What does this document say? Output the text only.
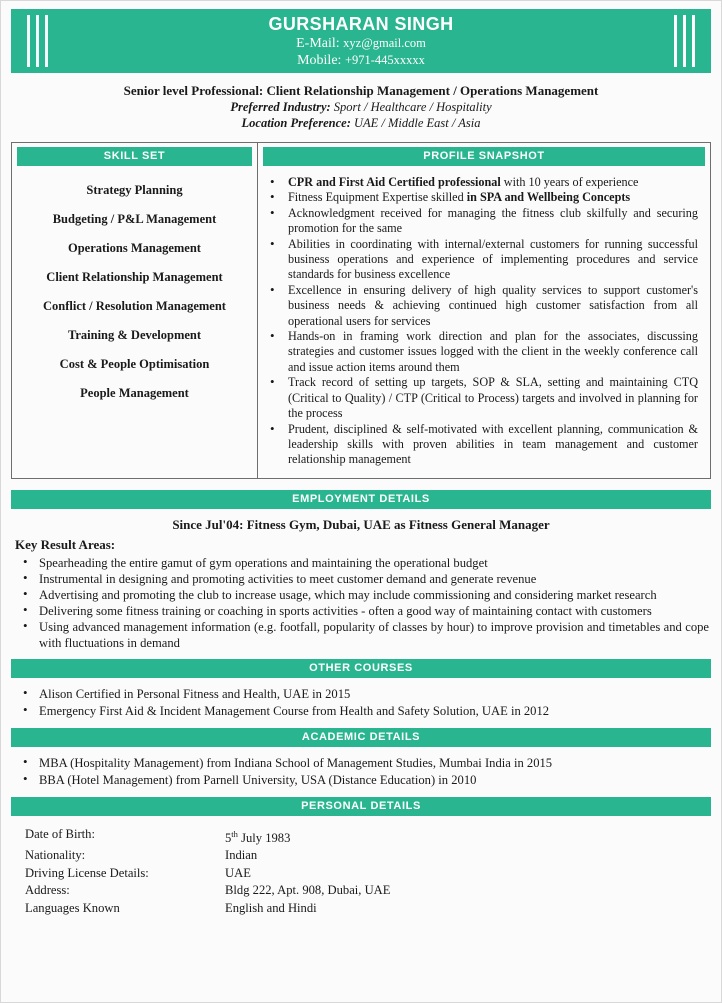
GURSHARAN SINGH
E-Mail: xyz@gmail.com
Mobile: +971-445xxxxx
Senior level Professional: Client Relationship Management / Operations Management
Preferred Industry: Sport / Healthcare / Hospitality
Location Preference: UAE / Middle East / Asia
SKILL SET
Strategy Planning
Budgeting / P&L Management
Operations Management
Client Relationship Management
Conflict / Resolution Management
Training & Development
Cost & People Optimisation
People Management
PROFILE SNAPSHOT
• CPR and First Aid Certified professional with 10 years of experience
• Fitness Equipment Expertise skilled in SPA and Wellbeing Concepts
• Acknowledgment received for managing the fitness club skilfully and securing promotion for the same
• Abilities in coordinating with internal/external customers for running successful business operations and experience of implementing procedures and service standards for business excellence
• Excellence in ensuring delivery of high quality services to support customer's business needs & achieving continued high customer satisfaction from all operational users for services
• Hands-on in framing work direction and plan for the associates, discussing strategies and customer issues logged with the client in the weekly conference call and issue action items around them
• Track record of setting up targets, SOP & SLA, setting and maintaining CTQ (Critical to Quality) / CTP (Critical to Process) targets and involved in planning for the process
• Prudent, disciplined & self-motivated with excellent planning, communication & leadership skills with proven abilities in team management and customer relationship management
EMPLOYMENT DETAILS
Since Jul'04: Fitness Gym, Dubai, UAE as Fitness General Manager
Key Result Areas:
• Spearheading the entire gamut of gym operations and maintaining the operational budget
• Instrumental in designing and promoting activities to meet customer demand and generate revenue
• Advertising and promoting the club to increase usage, which may include commissioning and considering market research
• Delivering some fitness training or coaching in sports activities - often a good way of maintaining contact with customers
• Using advanced management information (e.g. footfall, popularity of classes by hour) to improve provision and timetables and cope with fluctuations in demand
OTHER COURSES
• Alison Certified in Personal Fitness and Health, UAE in 2015
• Emergency First Aid & Incident Management Course from Health and Safety Solution, UAE in 2012
ACADEMIC DETAILS
• MBA (Hospitality Management) from Indiana School of Management Studies, Mumbai India in 2015
• BBA (Hotel Management) from Parnell University, USA (Distance Education) in 2010
PERSONAL DETAILS
Date of Birth:	5th July 1983
Nationality:	Indian
Driving License Details:	UAE
Address:	Bldg 222, Apt. 908, Dubai, UAE
Languages Known	English and Hindi
